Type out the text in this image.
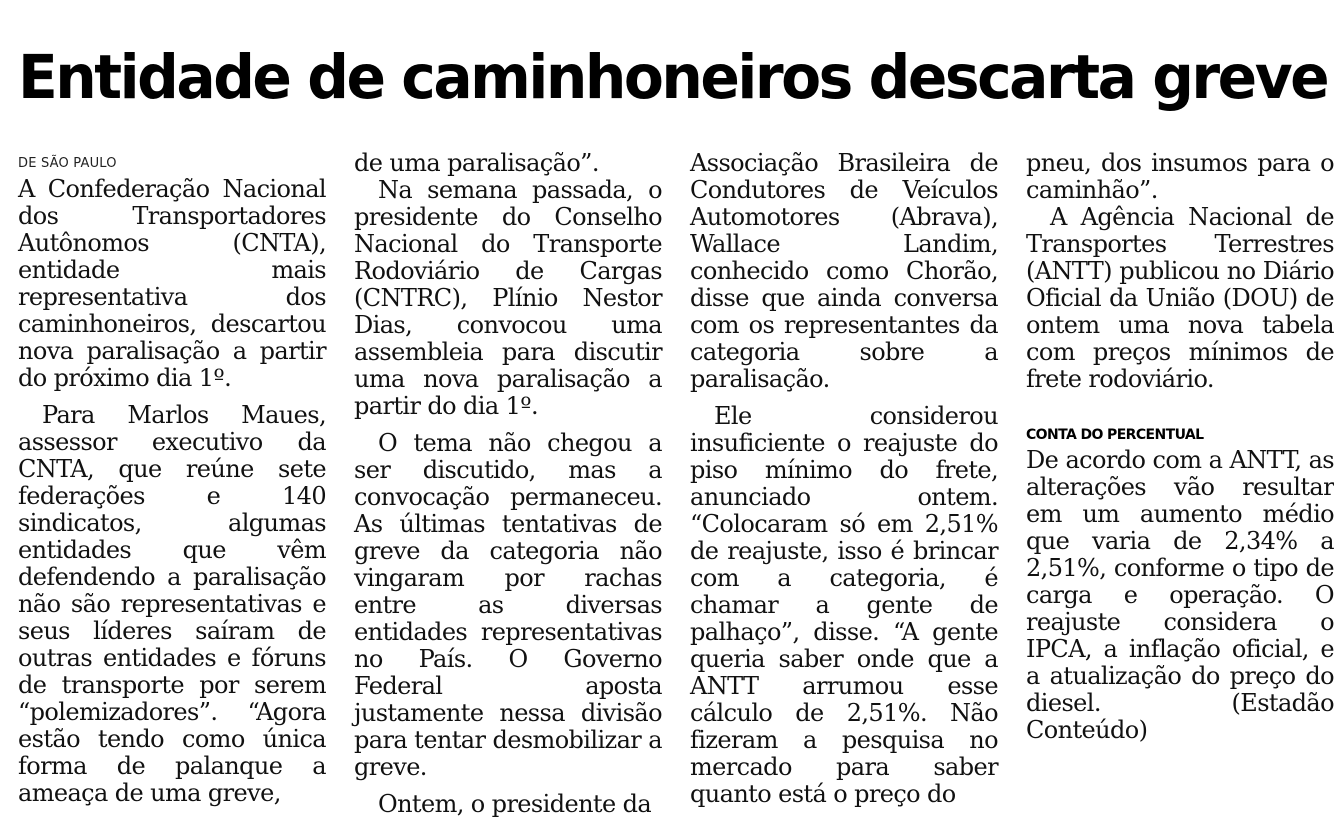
Entidade de caminhoneiros descarta greve
DE SÃO PAULO

A Confederação Nacional dos Transportadores Autônomos (CNTA), entidade mais representativa dos caminhoneiros, descartou nova paralisação a partir do próximo dia 1º.

Para Marlos Maues, assessor executivo da CNTA, que reúne sete federações e 140 sindicatos, algumas entidades que vêm defendendo a paralisação não são representativas e seus líderes saíram de outras entidades e fóruns de transporte por serem “polemizadores”. “Agora estão tendo como única forma de palanque a ameaça de uma greve,

de uma paralisação”.

Na semana passada, o presidente do Conselho Nacional do Transporte Rodoviário de Cargas (CNTRC), Plínio Nestor Dias, convocou uma assembleia para discutir uma nova paralisação a partir do dia 1º.

O tema não chegou a ser discutido, mas a convocação permaneceu. As últimas tentativas de greve da categoria não vingaram por rachas entre as diversas entidades representativas no País. O Governo Federal aposta justamente nessa divisão para tentar desmobilizar a greve.

Ontem, o presidente da

Associação Brasileira de Condutores de Veículos Automotores (Abrava), Wallace Landim, conhecido como Chorão, disse que ainda conversa com os representantes da categoria sobre a paralisação.

Ele considerou insuficiente o reajuste do piso mínimo do frete, anunciado ontem. “Colocaram só em 2,51% de reajuste, isso é brincar com a categoria, é chamar a gente de palhaço”, disse. “A gente queria saber onde que a ANTT arrumou esse cálculo de 2,51%. Não fizeram a pesquisa no mercado para saber quanto está o preço do

pneu, dos insumos para o caminhão”.

A Agência Nacional de Transportes Terrestres (ANTT) publicou no Diário Oficial da União (DOU) de ontem uma nova tabela com preços mínimos de frete rodoviário.

CONTA DO PERCENTUAL

De acordo com a ANTT, as alterações vão resultar em um aumento médio que varia de 2,34% a 2,51%, conforme o tipo de carga e operação. O reajuste considera o IPCA, a inflação oficial, e a atualização do preço do diesel. (Estadão Conteúdo)
